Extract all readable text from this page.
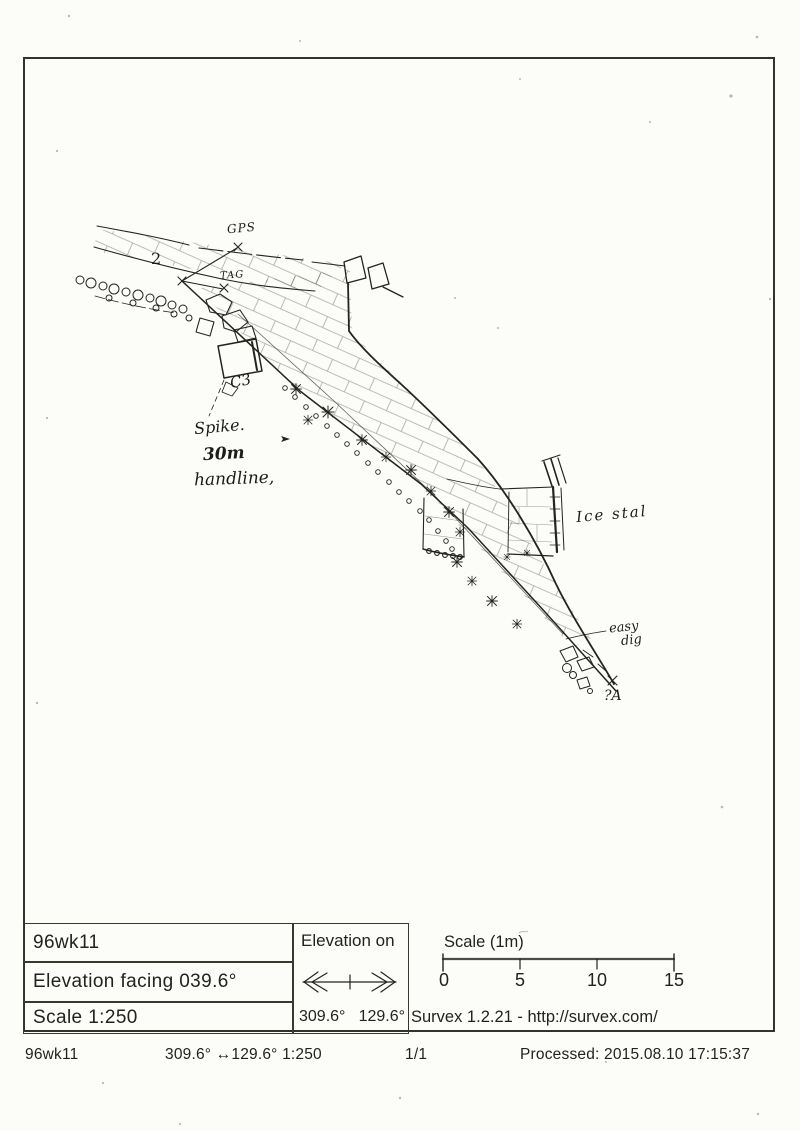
2
GPS
TAG
C3
Spike.
30m
handline,
Ice stal
easy
dig
?A
96wk11
Elevation facing 039.6°
Scale 1:250
Elevation on
309.6° 129.6°
Scale (1m)
0	5	10	15
Survex 1.2.21 - http://survex.com/
96wk11	309.6° ↔129.6° 1:250	1/1	Processed: 2015.08.10 17:15:37
